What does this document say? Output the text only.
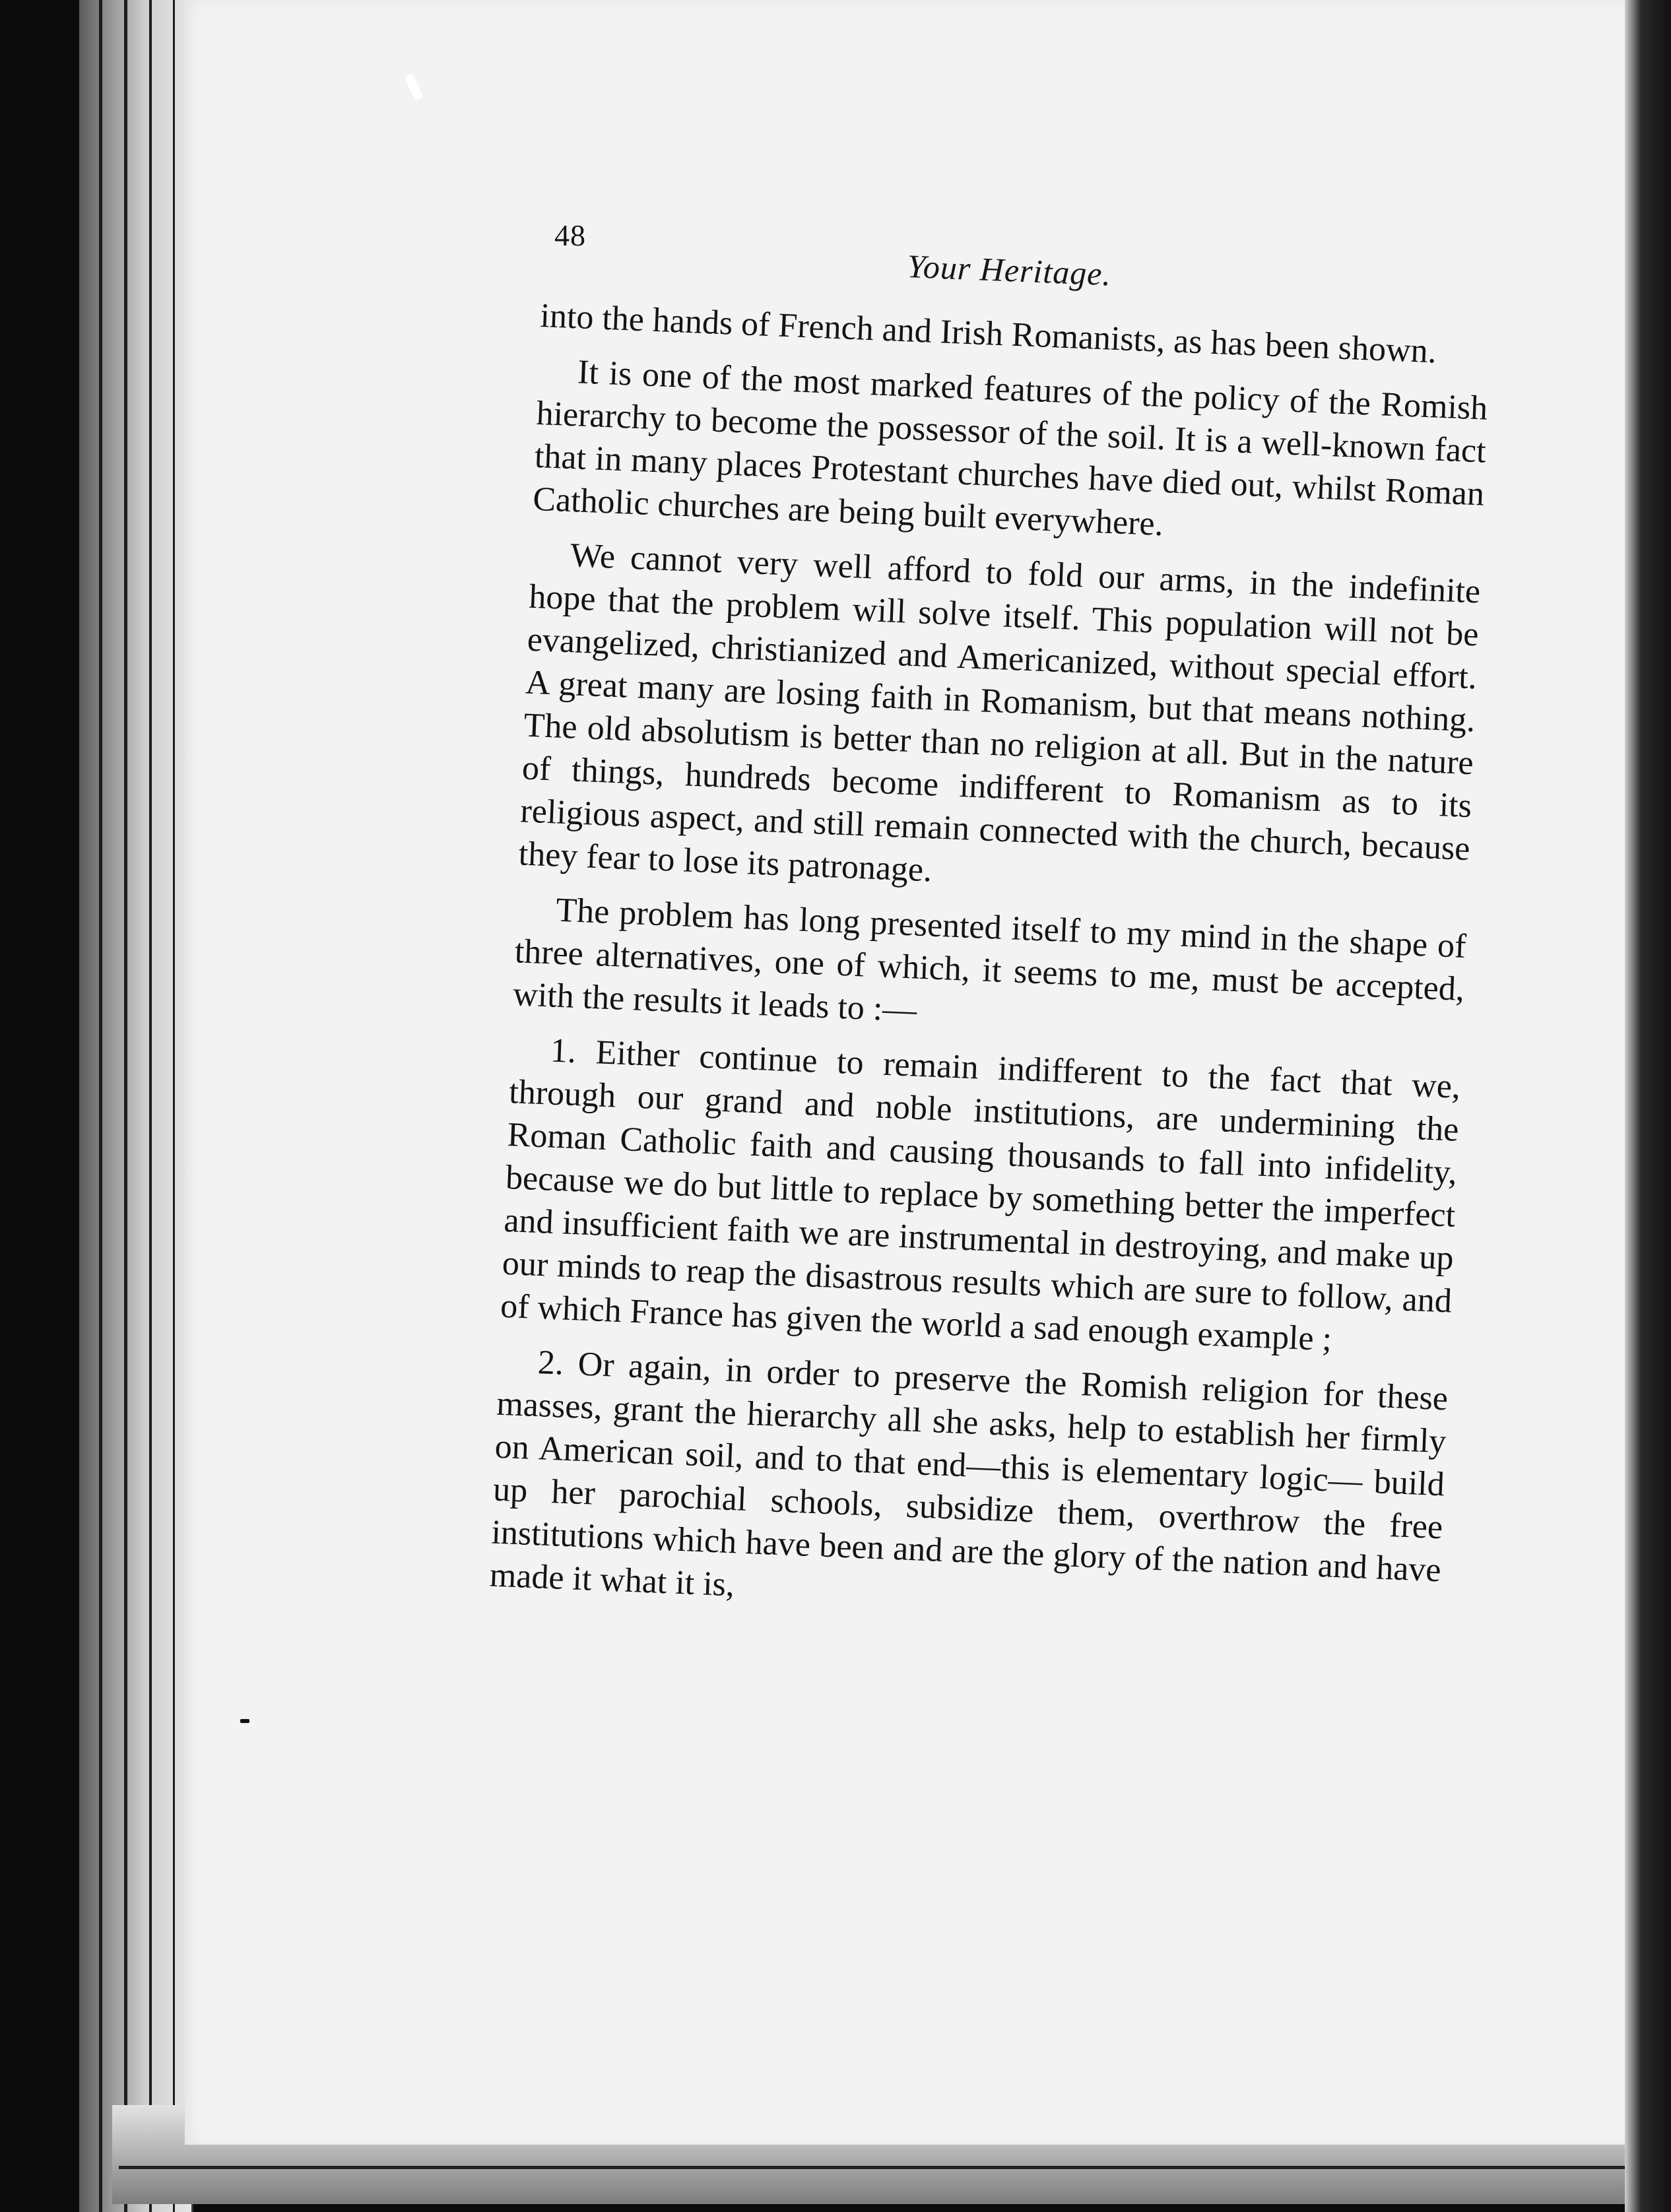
48
Your Heritage.

into the hands of French and Irish Romanists, as has been shown.

It is one of the most marked features of the policy of the Romish hierarchy to become the possessor of the soil. It is a well-known fact that in many places Protestant churches have died out, whilst Roman Catholic churches are being built everywhere.

We cannot very well afford to fold our arms, in the indefinite hope that the problem will solve itself. This population will not be evangelized, christianized and Americanized, without special effort. A great many are losing faith in Romanism, but that means nothing. The old absolutism is better than no religion at all. But in the nature of things, hundreds become indifferent to Romanism as to its religious aspect, and still remain connected with the church, because they fear to lose its patronage.

The problem has long presented itself to my mind in the shape of three alternatives, one of which, it seems to me, must be accepted, with the results it leads to :—

1. Either continue to remain indifferent to the fact that we, through our grand and noble institutions, are undermining the Roman Catholic faith and causing thousands to fall into infidelity, because we do but little to replace by something better the imperfect and insufficient faith we are instrumental in destroying, and make up our minds to reap the disastrous results which are sure to follow, and of which France has given the world a sad enough example ;

2. Or again, in order to preserve the Romish religion for these masses, grant the hierarchy all she asks, help to establish her firmly on American soil, and to that end—this is elementary logic— build up her parochial schools, subsidize them, overthrow the free institutions which have been and are the glory of the nation and have made it what it is,
